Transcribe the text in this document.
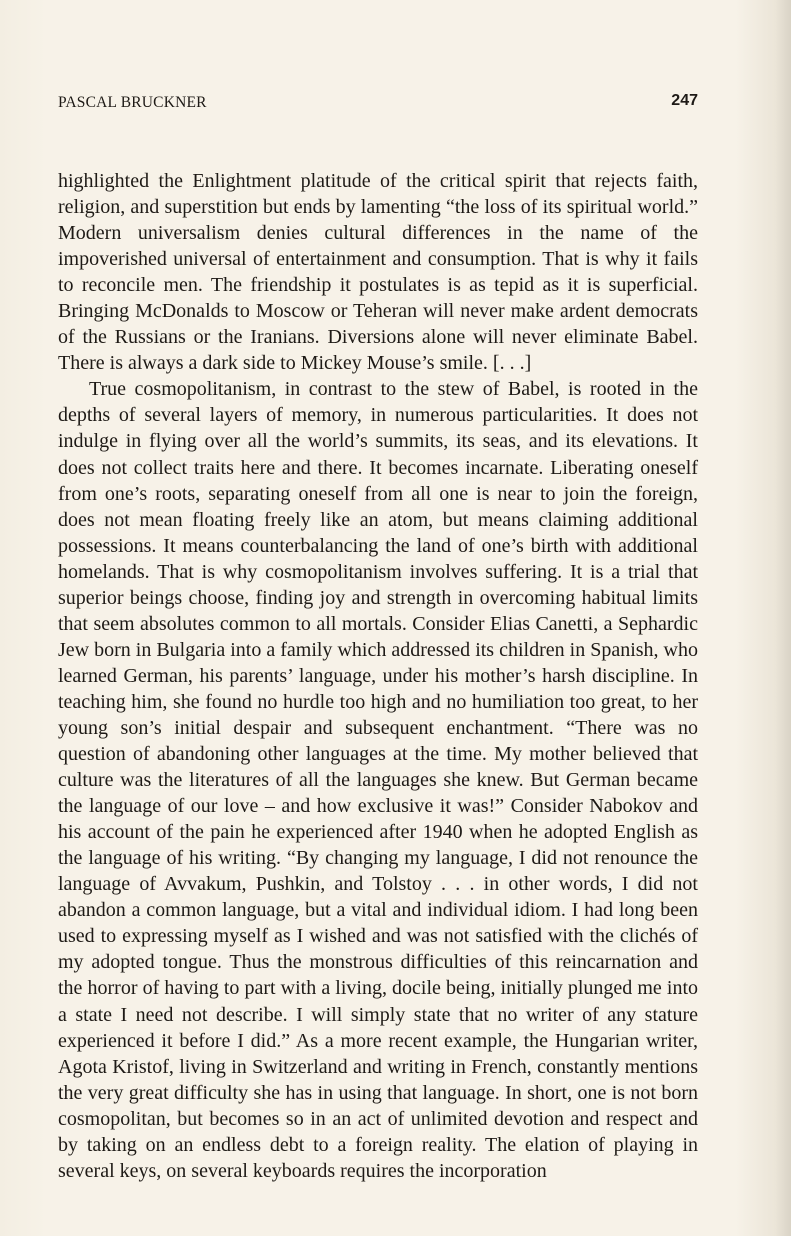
PASCAL BRUCKNER	247

highlighted the Enlightment platitude of the critical spirit that rejects faith, religion, and superstition but ends by lamenting “the loss of its spiritual world.” Modern universalism denies cultural differences in the name of the impoverished universal of entertainment and consumption. That is why it fails to reconcile men. The friendship it postulates is as tepid as it is superficial. Bringing McDonalds to Moscow or Teheran will never make ardent democrats of the Russians or the Iranians. Diversions alone will never eliminate Babel. There is always a dark side to Mickey Mouse’s smile. [. . .]

True cosmopolitanism, in contrast to the stew of Babel, is rooted in the depths of several layers of memory, in numerous particularities. It does not indulge in flying over all the world’s summits, its seas, and its elevations. It does not collect traits here and there. It becomes incarnate. Liberating oneself from one’s roots, separating oneself from all one is near to join the foreign, does not mean floating freely like an atom, but means claiming additional possessions. It means counterbalancing the land of one’s birth with additional homelands. That is why cosmopolitanism involves suffering. It is a trial that superior beings choose, finding joy and strength in overcoming habitual limits that seem absolutes common to all mortals. Consider Elias Canetti, a Sephardic Jew born in Bulgaria into a family which addressed its children in Spanish, who learned German, his parents’ language, under his mother’s harsh discipline. In teaching him, she found no hurdle too high and no humiliation too great, to her young son’s initial despair and subsequent enchantment. “There was no question of abandoning other languages at the time. My mother believed that culture was the literatures of all the languages she knew. But German became the language of our love – and how exclusive it was!” Consider Nabokov and his account of the pain he experienced after 1940 when he adopted English as the language of his writing. “By changing my language, I did not renounce the language of Avvakum, Pushkin, and Tolstoy . . . in other words, I did not abandon a common language, but a vital and individual idiom. I had long been used to expressing myself as I wished and was not satisfied with the clichés of my adopted tongue. Thus the monstrous difficulties of this reincarnation and the horror of having to part with a living, docile being, initially plunged me into a state I need not describe. I will simply state that no writer of any stature experienced it before I did.” As a more recent example, the Hungarian writer, Agota Kristof, living in Switzerland and writing in French, constantly mentions the very great difficulty she has in using that language. In short, one is not born cosmopolitan, but becomes so in an act of unlimited devotion and respect and by taking on an endless debt to a foreign reality. The elation of playing in several keys, on several keyboards requires the incorporation
